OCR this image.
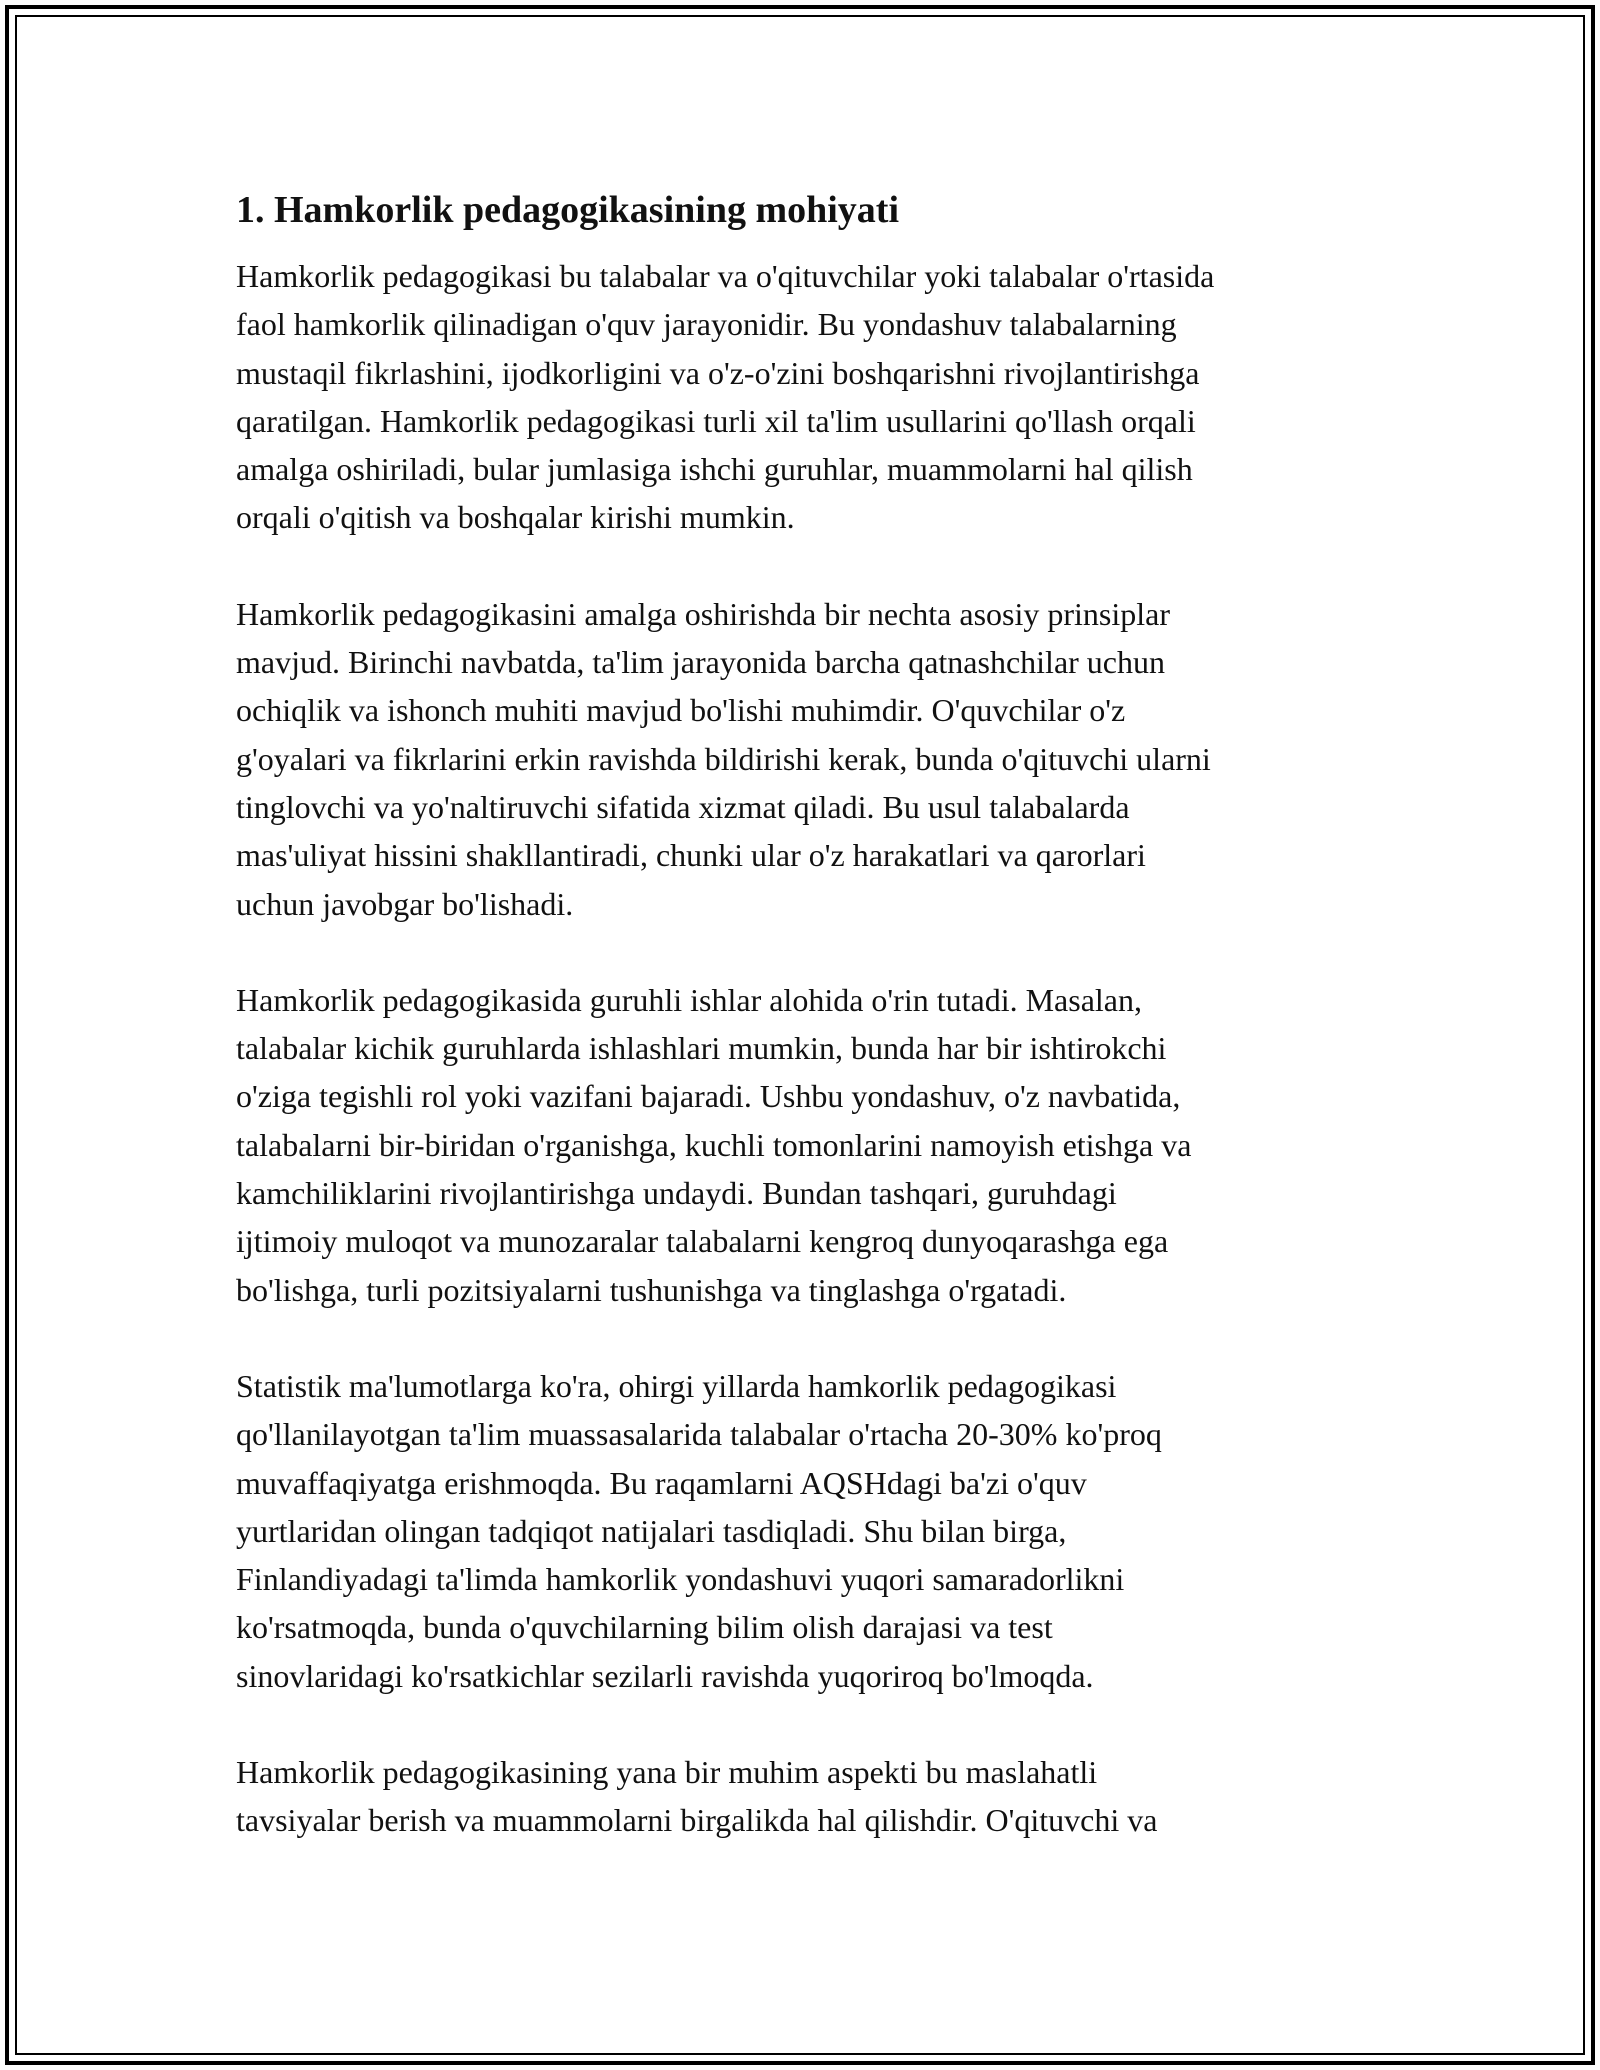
1. Hamkorlik pedagogikasining mohiyati

Hamkorlik pedagogikasi bu talabalar va o'qituvchilar yoki talabalar o'rtasida
faol hamkorlik qilinadigan o'quv jarayonidir. Bu yondashuv talabalarning
mustaqil fikrlashini, ijodkorligini va o'z-o'zini boshqarishni rivojlantirishga
qaratilgan. Hamkorlik pedagogikasi turli xil ta'lim usullarini qo'llash orqali
amalga oshiriladi, bular jumlasiga ishchi guruhlar, muammolarni hal qilish
orqali o'qitish va boshqalar kirishi mumkin.

Hamkorlik pedagogikasini amalga oshirishda bir nechta asosiy prinsiplar
mavjud. Birinchi navbatda, ta'lim jarayonida barcha qatnashchilar uchun
ochiqlik va ishonch muhiti mavjud bo'lishi muhimdir. O'quvchilar o'z
g'oyalari va fikrlarini erkin ravishda bildirishi kerak, bunda o'qituvchi ularni
tinglovchi va yo'naltiruvchi sifatida xizmat qiladi. Bu usul talabalarda
mas'uliyat hissini shakllantiradi, chunki ular o'z harakatlari va qarorlari
uchun javobgar bo'lishadi.

Hamkorlik pedagogikasida guruhli ishlar alohida o'rin tutadi. Masalan,
talabalar kichik guruhlarda ishlashlari mumkin, bunda har bir ishtirokchi
o'ziga tegishli rol yoki vazifani bajaradi. Ushbu yondashuv, o'z navbatida,
talabalarni bir-biridan o'rganishga, kuchli tomonlarini namoyish etishga va
kamchiliklarini rivojlantirishga undaydi. Bundan tashqari, guruhdagi
ijtimoiy muloqot va munozaralar talabalarni kengroq dunyoqarashga ega
bo'lishga, turli pozitsiyalarni tushunishga va tinglashga o'rgatadi.

Statistik ma'lumotlarga ko'ra, ohirgi yillarda hamkorlik pedagogikasi
qo'llanilayotgan ta'lim muassasalarida talabalar o'rtacha 20-30% ko'proq
muvaffaqiyatga erishmoqda. Bu raqamlarni AQSHdagi ba'zi o'quv
yurtlaridan olingan tadqiqot natijalari tasdiqladi. Shu bilan birga,
Finlandiyadagi ta'limda hamkorlik yondashuvi yuqori samaradorlikni
ko'rsatmoqda, bunda o'quvchilarning bilim olish darajasi va test
sinovlaridagi ko'rsatkichlar sezilarli ravishda yuqoriroq bo'lmoqda.

Hamkorlik pedagogikasining yana bir muhim aspekti bu maslahatli
tavsiyalar berish va muammolarni birgalikda hal qilishdir. O'qituvchi va
